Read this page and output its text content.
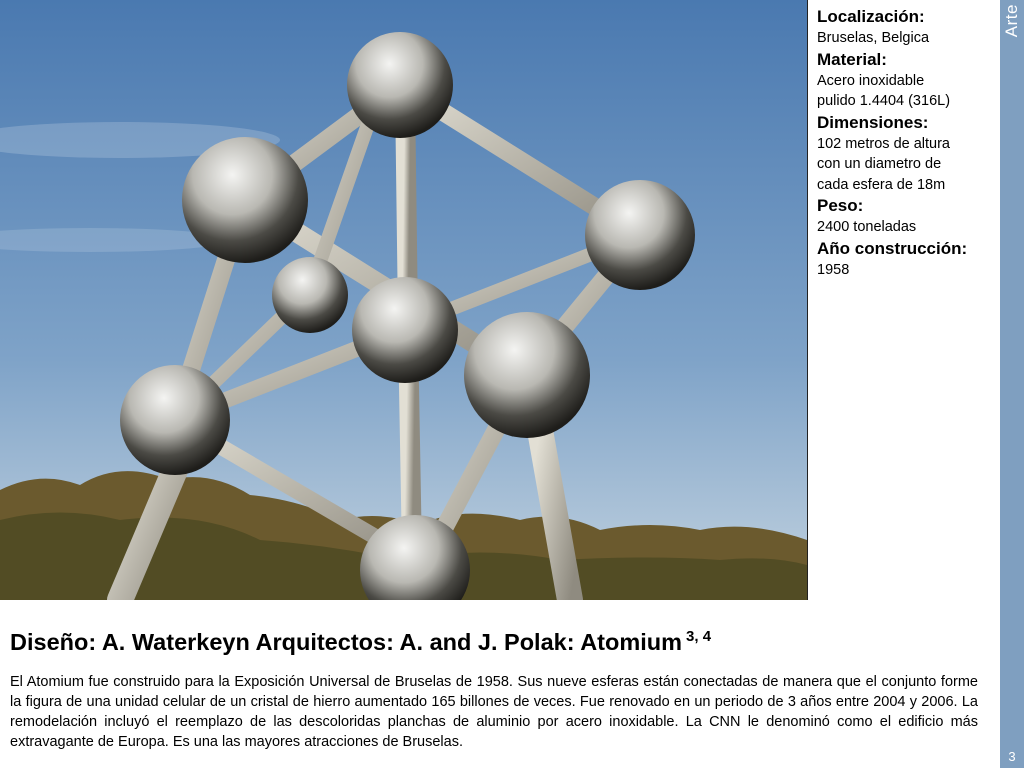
Localización:
Bruselas, Belgica
Material:
Acero inoxidable
pulido 1.4404 (316L)
Dimensiones:
102 metros de altura
con un diametro de
cada esfera de 18m
Peso:
2400 toneladas
Año construcción:
1958
Arte
3
Diseño: A. Waterkeyn Arquitectos: A. and J. Polak: Atomium $^{3, 4}$
El Atomium fue construido para la Exposición Universal de Bruselas de 1958. Sus nueve esferas están conectadas de manera que el conjunto forme la figura de una unidad celular de un cristal de hierro aumentado 165 billones de veces. Fue renovado en un periodo de 3 años entre 2004 y 2006. La remodelación incluyó el reemplazo de las descoloridas planchas de aluminio por acero inoxidable. La CNN le denominó como el edificio más extravagante de Europa. Es una las mayores atracciones de Bruselas.
